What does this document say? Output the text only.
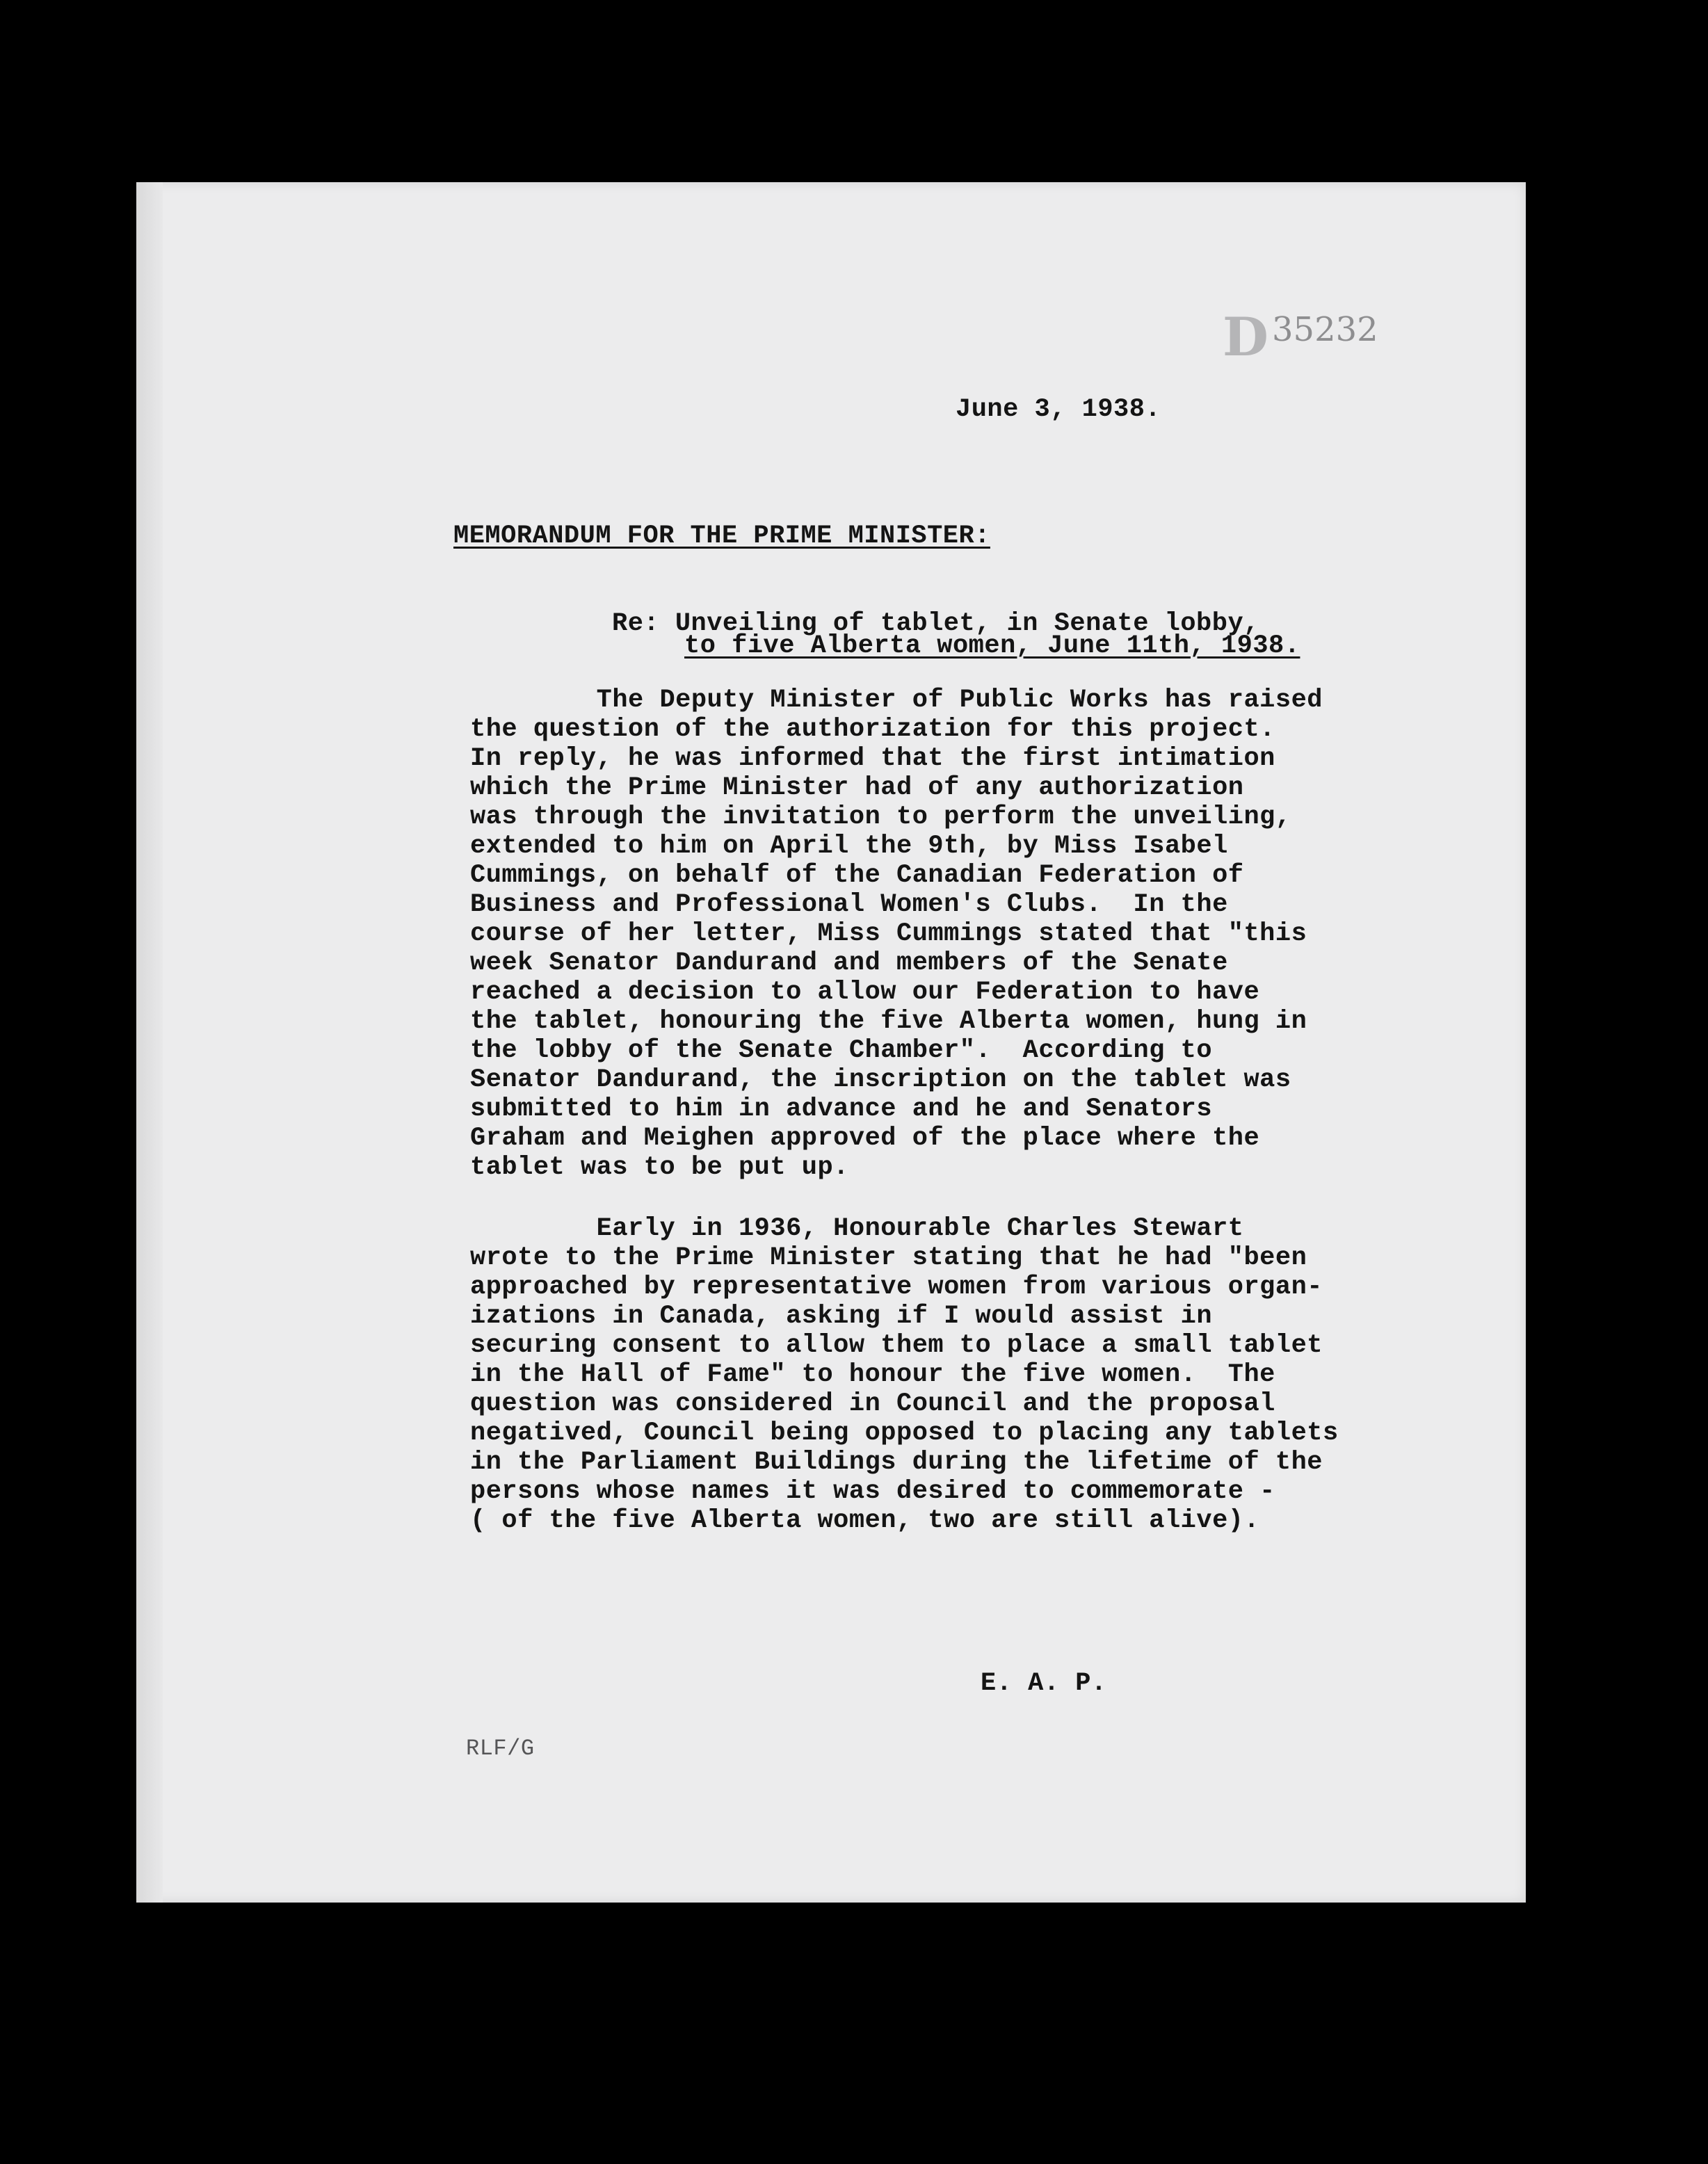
D 35232
June 3, 1938.
MEMORANDUM FOR THE PRIME MINISTER:
Re: Unveiling of tablet, in Senate lobby,
to five Alberta women, June 11th, 1938.
The Deputy Minister of Public Works has raised
the question of the authorization for this project.
In reply, he was informed that the first intimation
which the Prime Minister had of any authorization
was through the invitation to perform the unveiling,
extended to him on April the 9th, by Miss Isabel
Cummings, on behalf of the Canadian Federation of
Business and Professional Women's Clubs.  In the
course of her letter, Miss Cummings stated that "this
week Senator Dandurand and members of the Senate
reached a decision to allow our Federation to have
the tablet, honouring the five Alberta women, hung in
the lobby of the Senate Chamber".  According to
Senator Dandurand, the inscription on the tablet was
submitted to him in advance and he and Senators
Graham and Meighen approved of the place where the
tablet was to be put up.
Early in 1936, Honourable Charles Stewart
wrote to the Prime Minister stating that he had "been
approached by representative women from various organ-
izations in Canada, asking if I would assist in
securing consent to allow them to place a small tablet
in the Hall of Fame" to honour the five women.  The
question was considered in Council and the proposal
negatived, Council being opposed to placing any tablets
in the Parliament Buildings during the lifetime of the
persons whose names it was desired to commemorate -
( of the five Alberta women, two are still alive).
E. A. P.
RLF/G
